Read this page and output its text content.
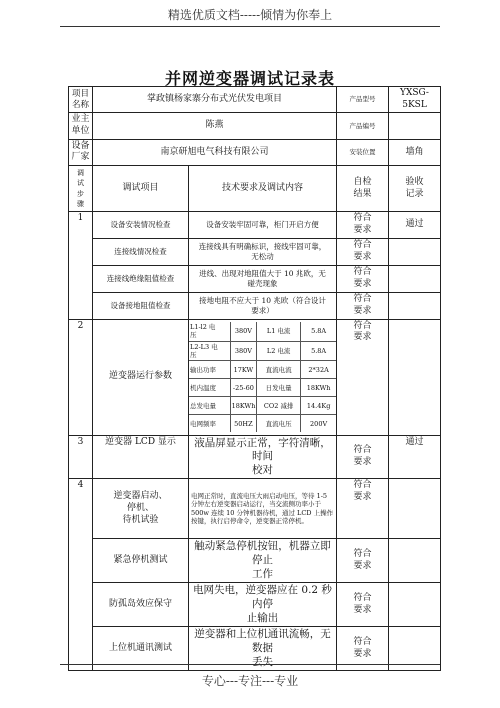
精选优质文档-----倾情为你奉上
并网逆变器调试记录表
项目名称	掌政镇杨家寨分布式光伏发电项目	产品型号	YXSG-5KSL
业主单位	陈燕	产品编号	
设备厂家	南京研旭电气科技有限公司	安装位置	墙角
调
试
步
骤	调试项目	技术要求及调试内容	自检
结果	验收
记录
1	设备安装情况检查	设备安装牢固可靠，柜门开启方便	符合
要求	通过
连接线情况检查	连接线具有明确标识，接线牢固可靠，
无松动	符合
要求	
连接线绝缘阻值检查	进线、出现对地阻值大于 10 兆欧，无
碰壳现象	符合
要求	
设备接地阻值检查	接地电阻不应大于 10 兆欧（符合设计
要求）	符合
要求	
2	逆变器运行参数	
L1-l2 电
压	380V	L1 电流	5.8A
L2-L3 电
压	380V	L2 电流	5.8A
输出功率	17KW	直流电流	2*32A
机内温度	-25-60	日发电量	18KWh
总发电量	18KWh	CO2 减排	14.4Kg
电网频率	50HZ	直流电压	200V
	符合
要求	
3	逆变器 LCD 显示	液晶屏显示正常，字符清晰，时间
校对	符合
要求	通过
4	逆变器启动、
停机、
待机试验	电网正常时，直流电压大雨启动电压，等待 1-5 分钟左右逆变器启动运行，当交流侧功率小于 500w 连续 10 分钟机器待机，通过 LCD 上操作按键，执行启停命令，逆变器正常停机。	符合
要求	
紧急停机测试	触动紧急停机按钮，机器立即停止
工作	符合
要求	
防孤岛效应保守	电网失电，逆变器应在 0.2 秒内停
止输出	符合
要求	
上位机通讯测试	逆变器和上位机通讯流畅，无数据
丢失	符合
要求	
专心---专注---专业
